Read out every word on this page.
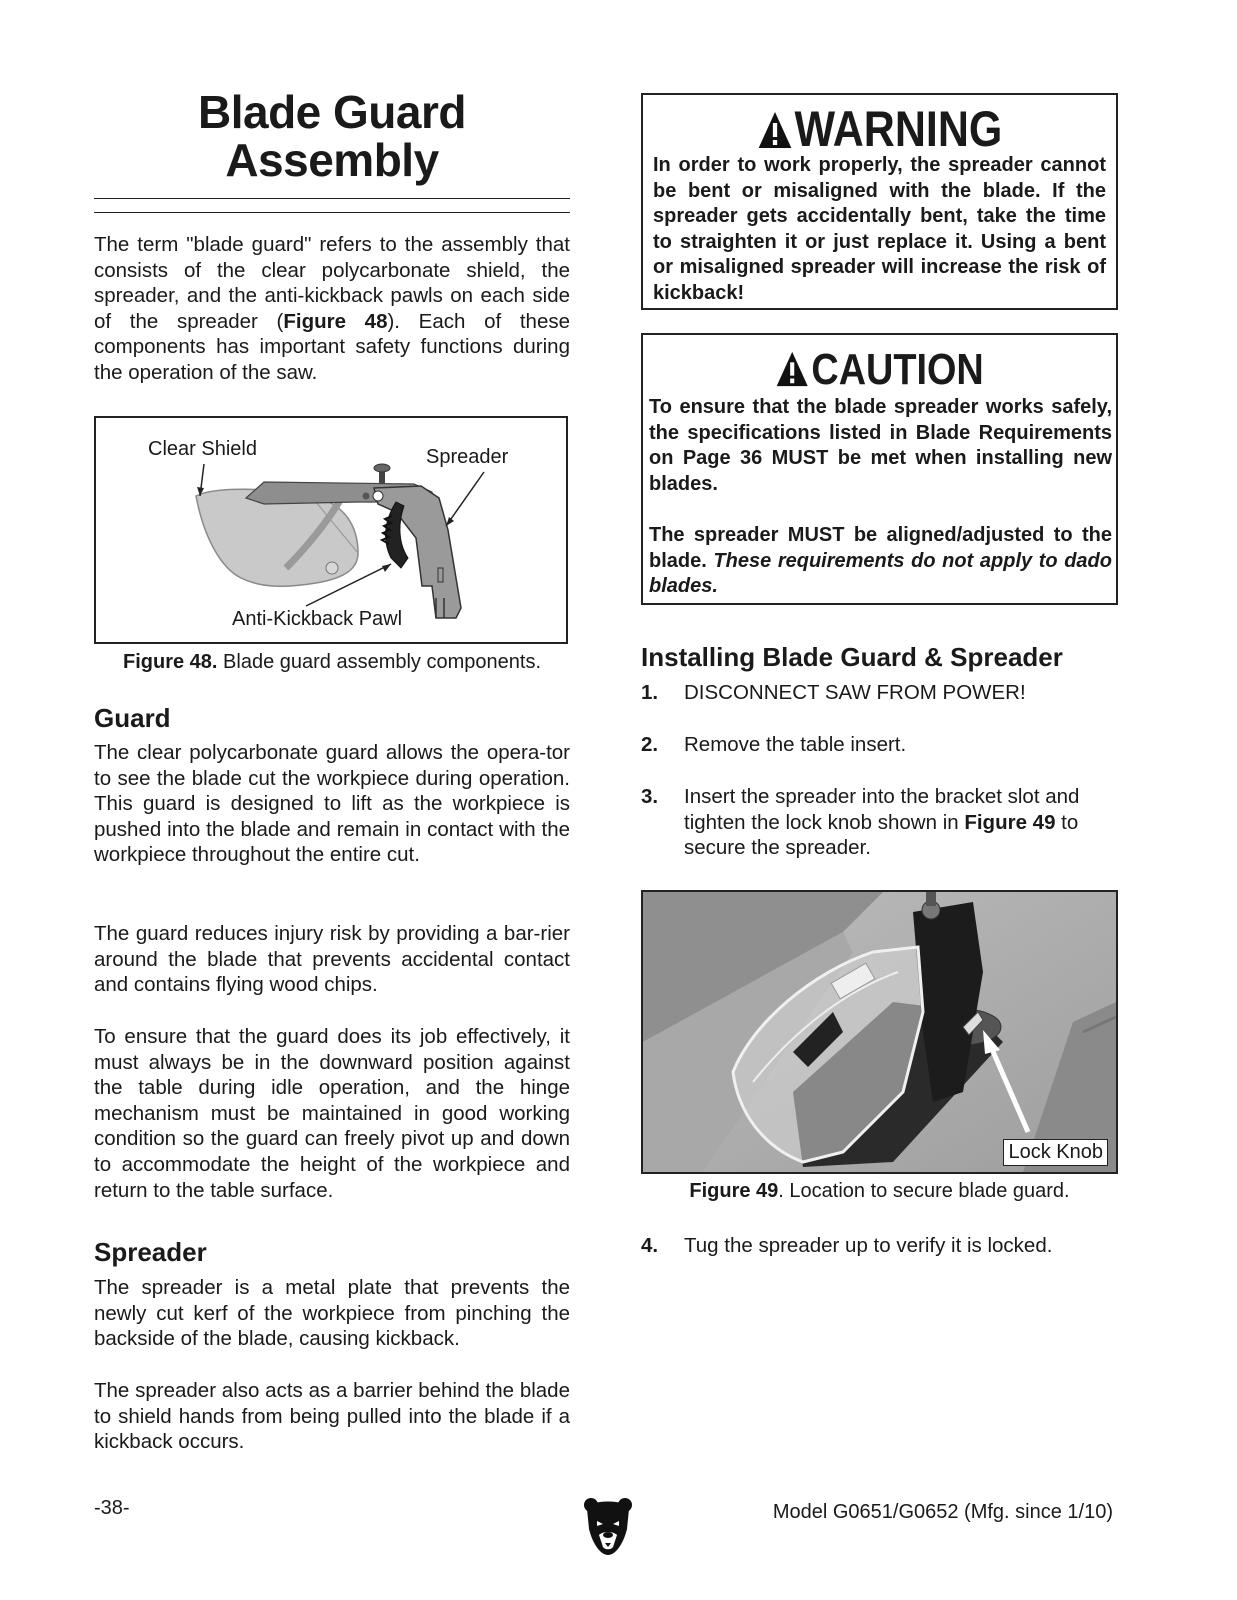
Blade Guard
Assembly

The term "blade guard" refers to the assembly that consists of the clear polycarbonate shield, the spreader, and the anti-kickback pawls on each side of the spreader (Figure 48). Each of these components has important safety functions during the operation of the saw.

Clear Shield	Spreader
Anti-Kickback Pawl
Figure 48. Blade guard assembly components.
Guard

The clear polycarbonate guard allows the opera-tor to see the blade cut the workpiece during operation. This guard is designed to lift as the workpiece is pushed into the blade and remain in contact with the workpiece throughout the entire cut.

The guard reduces injury risk by providing a bar-rier around the blade that prevents accidental contact and contains flying wood chips.

To ensure that the guard does its job effectively, it must always be in the downward position against the table during idle operation, and the hinge mechanism must be maintained in good working condition so the guard can freely pivot up and down to accommodate the height of the workpiece and return to the table surface.

Spreader

The spreader is a metal plate that prevents the newly cut kerf of the workpiece from pinching the backside of the blade, causing kickback.

The spreader also acts as a barrier behind the blade to shield hands from being pulled into the blade if a kickback occurs.

WARNING

In order to work properly, the spreader cannot be bent or misaligned with the blade. If the spreader gets accidentally bent, take the time to straighten it or just replace it. Using a bent or misaligned spreader will increase the risk of kickback!

CAUTION

To ensure that the blade spreader works safely, the specifications listed in Blade Requirements on Page 36 MUST be met when installing new blades.

The spreader MUST be aligned/adjusted to the blade. These requirements do not apply to dado blades.

Installing Blade Guard & Spreader
1. DISCONNECT SAW FROM POWER!
2. Remove the table insert.
3. Insert the spreader into the bracket slot and tighten the lock knob shown in Figure 49 to secure the spreader.
Lock Knob
Figure 49. Location to secure blade guard.
4. Tug the spreader up to verify it is locked.
-38-	Model G0651/G0652 (Mfg. since 1/10)
